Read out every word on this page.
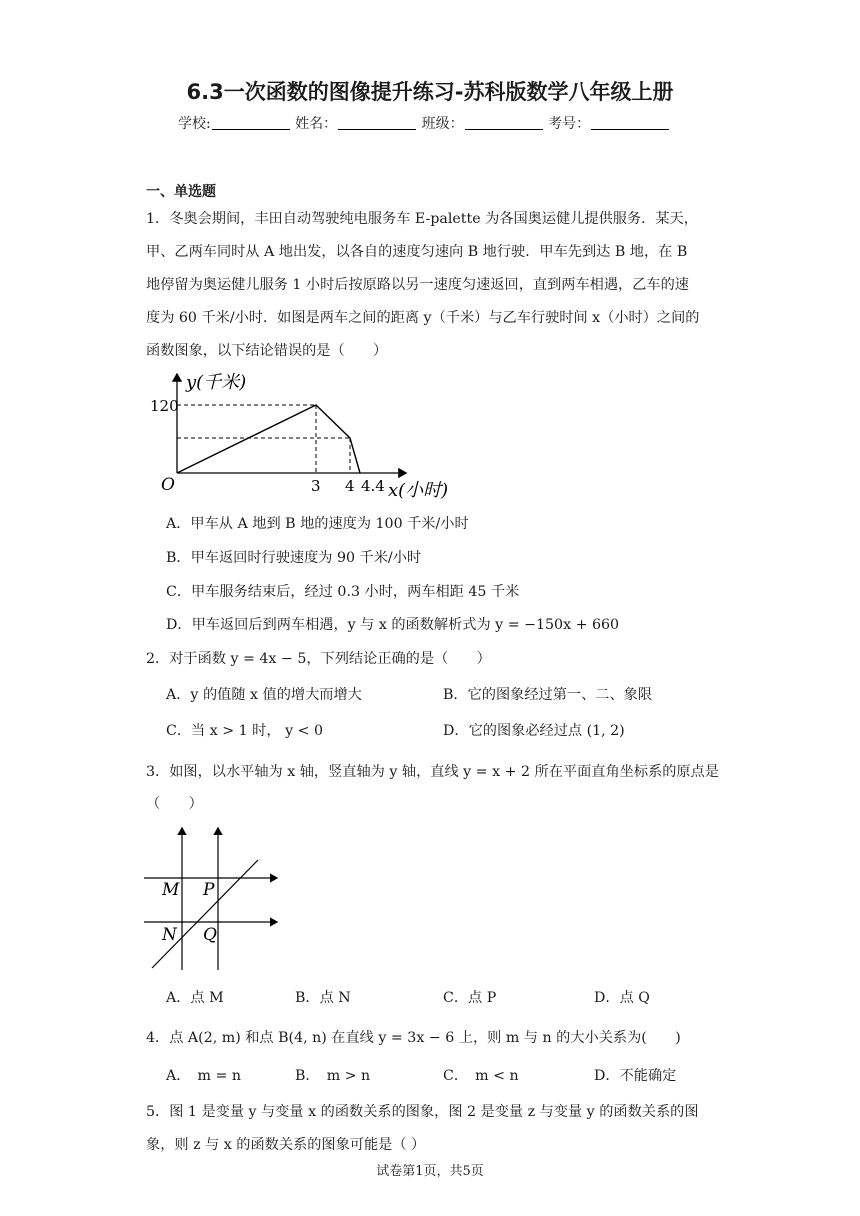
6.3一次函数的图像提升练习-苏科版数学八年级上册
学校:	姓名：	班级：	考号：
一、单选题
1．冬奥会期间，丰田自动驾驶纯电服务车 E-palette 为各国奥运健儿提供服务．某天，
甲、乙两车同时从 A 地出发，以各自的速度匀速向 B 地行驶．甲车先到达 B 地，在 B
地停留为奥运健儿服务 1 小时后按原路以另一速度匀速返回，直到两车相遇，乙车的速
度为 60 千米/小时．如图是两车之间的距离 y（千米）与乙车行驶时间 x（小时）之间的
函数图象，以下结论错误的是（　　）
y(千米)
120
O	3 4 4.4 x(小时)
A．甲车从 A 地到 B 地的速度为 100 千米/小时
B．甲车返回时行驶速度为 90 千米/小时
C．甲车服务结束后，经过 0.3 小时，两车相距 45 千米
D．甲车返回后到两车相遇，y 与 x 的函数解析式为 y = −150x + 660
2．对于函数 y = 4x − 5，下列结论正确的是（　　）
A．y 的值随 x 值的增大而增大	B．它的图象经过第一、二、象限
C．当 x > 1 时， y < 0	D．它的图象必经过点 (1, 2)
3．如图，以水平轴为 x 轴，竖直轴为 y 轴，直线 y = x + 2 所在平面直角坐标系的原点是
（　　）
M P
N Q
A．点 M	B．点 N	C．点 P	D．点 Q
4．点 A(2, m) 和点 B(4, n) 在直线 y = 3x − 6 上，则 m 与 n 的大小关系为(　　)
A．　m = n	B．　m > n	C．　m < n	D．不能确定
5．图 1 是变量 y 与变量 x 的函数关系的图象，图 2 是变量 z 与变量 y 的函数关系的图
象，则 z 与 x 的函数关系的图象可能是（ ）
试卷第1页，共5页
